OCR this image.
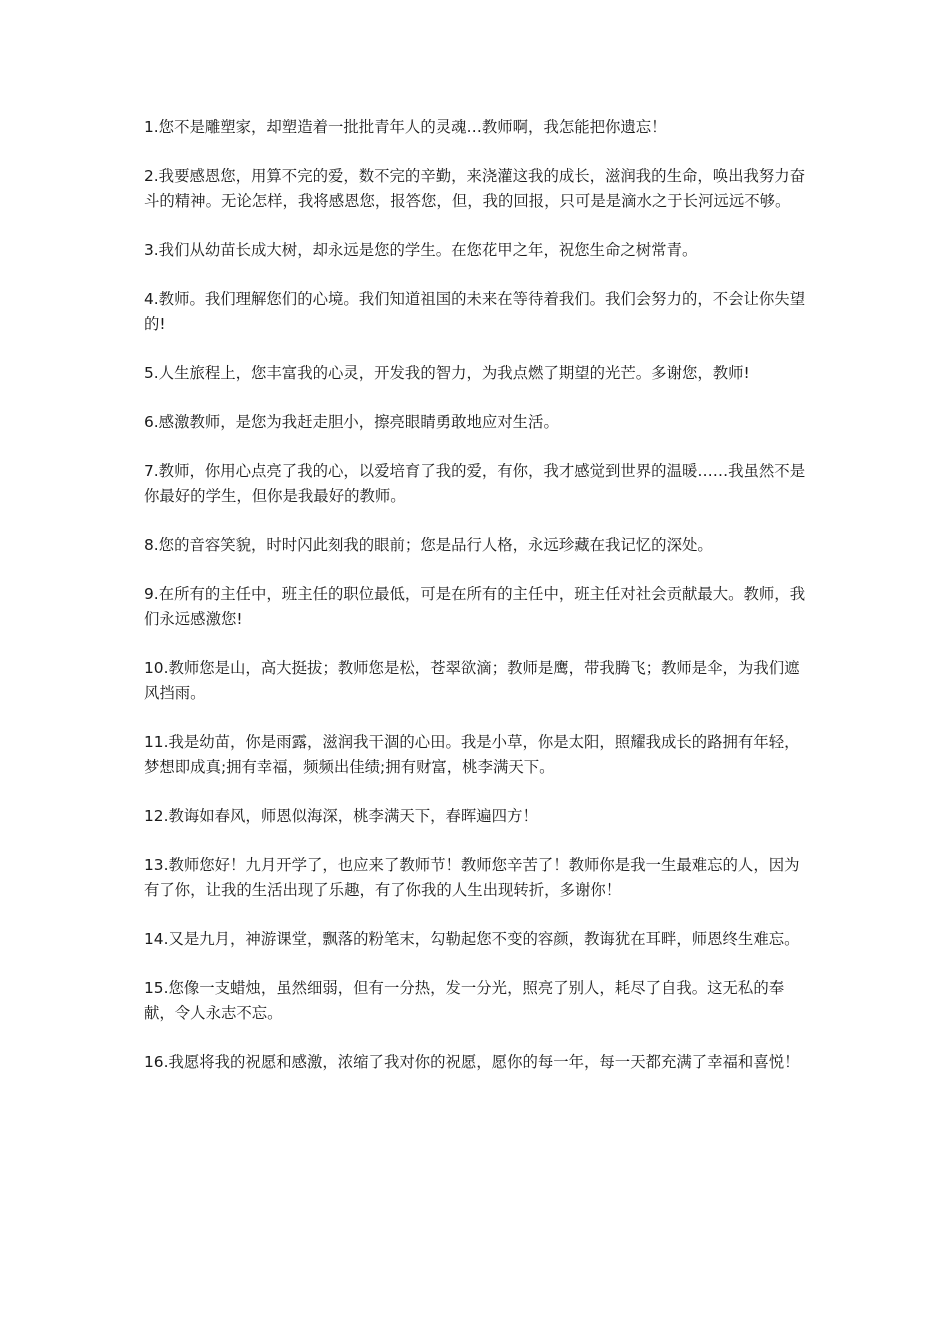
1.您不是雕塑家，却塑造着一批批青年人的灵魂…教师啊，我怎能把你遗忘！

2.我要感恩您，用算不完的爱，数不完的辛勤，来浇灌这我的成长，滋润我的生命，唤出我努力奋斗的精神。无论怎样，我将感恩您，报答您，但，我的回报，只可是是滴水之于长河远远不够。

3.我们从幼苗长成大树，却永远是您的学生。在您花甲之年，祝您生命之树常青。

4.教师。我们理解您们的心境。我们知道祖国的未来在等待着我们。我们会努力的，不会让你失望的!

5.人生旅程上，您丰富我的心灵，开发我的智力，为我点燃了期望的光芒。多谢您，教师!

6.感激教师，是您为我赶走胆小，擦亮眼睛勇敢地应对生活。

7.教师，你用心点亮了我的心，以爱培育了我的爱，有你，我才感觉到世界的温暖……我虽然不是你最好的学生，但你是我最好的教师。

8.您的音容笑貌，时时闪此刻我的眼前；您是品行人格，永远珍藏在我记忆的深处。

9.在所有的主任中，班主任的职位最低，可是在所有的主任中，班主任对社会贡献最大。教师，我们永远感激您!

10.教师您是山，高大挺拔；教师您是松，苍翠欲滴；教师是鹰，带我腾飞；教师是伞，为我们遮风挡雨。

11.我是幼苗，你是雨露，滋润我干涸的心田。我是小草，你是太阳，照耀我成长的路拥有年轻，梦想即成真;拥有幸福，频频出佳绩;拥有财富，桃李满天下。

12.教诲如春风，师恩似海深，桃李满天下，春晖遍四方！

13.教师您好！九月开学了，也应来了教师节！教师您辛苦了！教师你是我一生最难忘的人，因为有了你，让我的生活出现了乐趣，有了你我的人生出现转折，多谢你！

14.又是九月，神游课堂，飘落的粉笔末，勾勒起您不变的容颜，教诲犹在耳畔，师恩终生难忘。

15.您像一支蜡烛，虽然细弱，但有一分热，发一分光，照亮了别人，耗尽了自我。这无私的奉献，令人永志不忘。

16.我愿将我的祝愿和感激，浓缩了我对你的祝愿，愿你的每一年，每一天都充满了幸福和喜悦！
